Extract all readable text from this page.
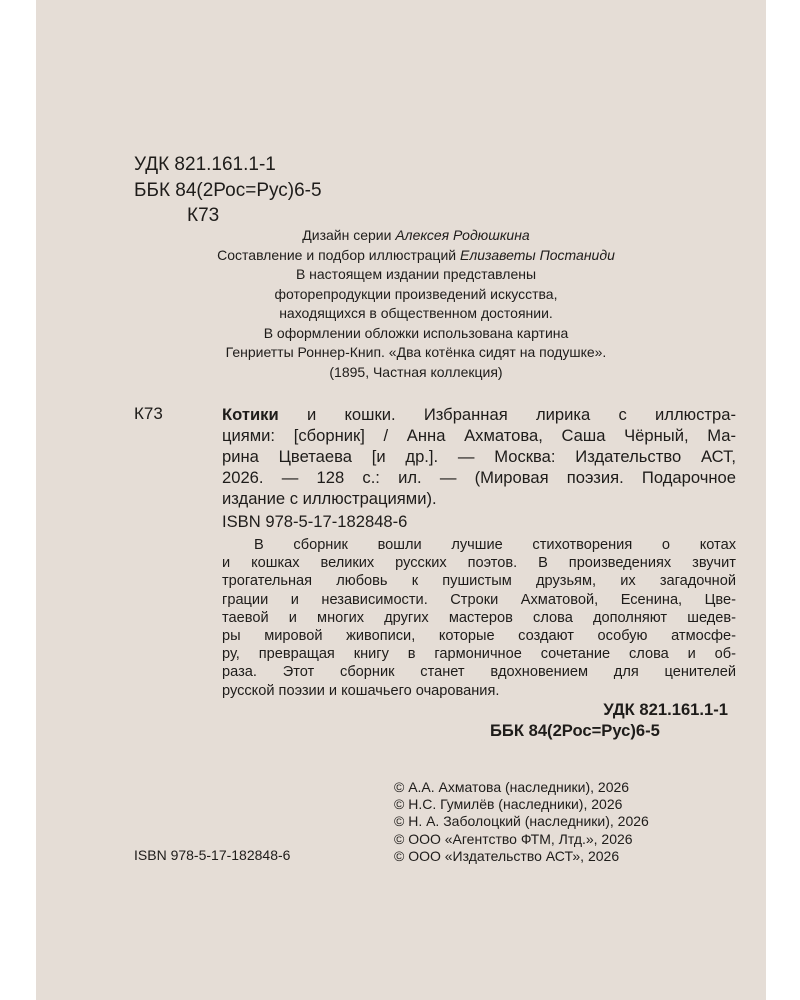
УДК 821.161.1-1
ББК 84(2Рос=Рус)6-5
К73
Дизайн серии Алексея Родюшкина
Составление и подбор иллюстраций Елизаветы Постаниди
В настоящем издании представлены
фоторепродукции произведений искусства,
находящихся в общественном достоянии.
В оформлении обложки использована картина
Генриетты Роннер-Книп. «Два котёнка сидят на подушке».
(1895, Частная коллекция)
К73	Котики и кошки. Избранная лирика с иллюстра-
циями: [сборник] / Анна Ахматова, Саша Чёрный, Ма-
рина Цветаева [и др.]. — Москва: Издательство АСТ,
2026. — 128 с.: ил. — (Мировая поэзия. Подарочное
издание с иллюстрациями).
ISBN 978-5-17-182848-6
В сборник вошли лучшие стихотворения о котах
и кошках великих русских поэтов. В произведениях звучит
трогательная любовь к пушистым друзьям, их загадочной
грации и независимости. Строки Ахматовой, Есенина, Цве-
таевой и многих других мастеров слова дополняют шедев-
ры мировой живописи, которые создают особую атмосфе-
ру, превращая книгу в гармоничное сочетание слова и об-
раза. Этот сборник станет вдохновением для ценителей
русской поэзии и кошачьего очарования.
УДК 821.161.1-1
ББК 84(2Рос=Рус)6-5
© А.А. Ахматова (наследники), 2026
© Н.С. Гумилёв (наследники), 2026
© Н. А. Заболоцкий (наследники), 2026
© ООО «Агентство ФТМ, Лтд.», 2026
© ООО «Издательство АСТ», 2026
ISBN 978-5-17-182848-6
